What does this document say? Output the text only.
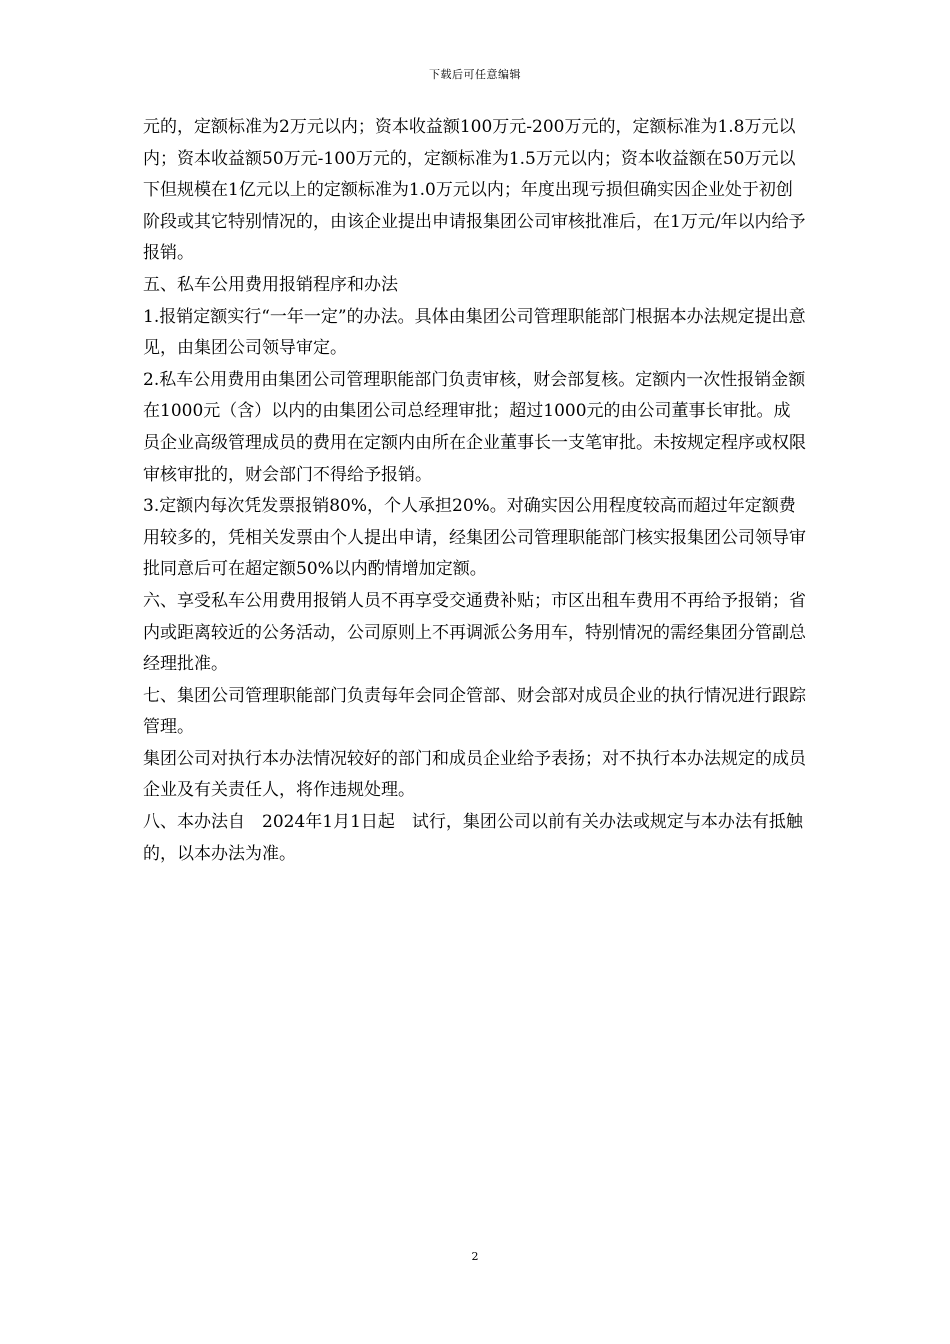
下载后可任意编辑

元的，定额标准为2万元以内；资本收益额100万元-200万元的，定额标准为1.8万元以内；资本收益额50万元-100万元的，定额标准为1.5万元以内；资本收益额在50万元以下但规模在1亿元以上的定额标准为1.0万元以内；年度出现亏损但确实因企业处于初创阶段或其它特别情况的，由该企业提出申请报集团公司审核批准后，在1万元/年以内给予报销。

五、私车公用费用报销程序和办法

1.报销定额实行“一年一定”的办法。具体由集团公司管理职能部门根据本办法规定提出意见，由集团公司领导审定。

2.私车公用费用由集团公司管理职能部门负责审核，财会部复核。定额内一次性报销金额在1000元（含）以内的由集团公司总经理审批；超过1000元的由公司董事长审批。成员企业高级管理成员的费用在定额内由所在企业董事长一支笔审批。未按规定程序或权限审核审批的，财会部门不得给予报销。

3.定额内每次凭发票报销80%，个人承担20%。对确实因公用程度较高而超过年定额费用较多的，凭相关发票由个人提出申请，经集团公司管理职能部门核实报集团公司领导审批同意后可在超定额50%以内酌情增加定额。

六、享受私车公用费用报销人员不再享受交通费补贴；市区出租车费用不再给予报销；省内或距离较近的公务活动，公司原则上不再调派公务用车，特别情况的需经集团分管副总经理批准。

七、集团公司管理职能部门负责每年会同企管部、财会部对成员企业的执行情况进行跟踪管理。

集团公司对执行本办法情况较好的部门和成员企业给予表扬；对不执行本办法规定的成员企业及有关责任人，将作违规处理。

八、本办法自　2024年1月1日起　试行，集团公司以前有关办法或规定与本办法有抵触的，以本办法为准。

2
